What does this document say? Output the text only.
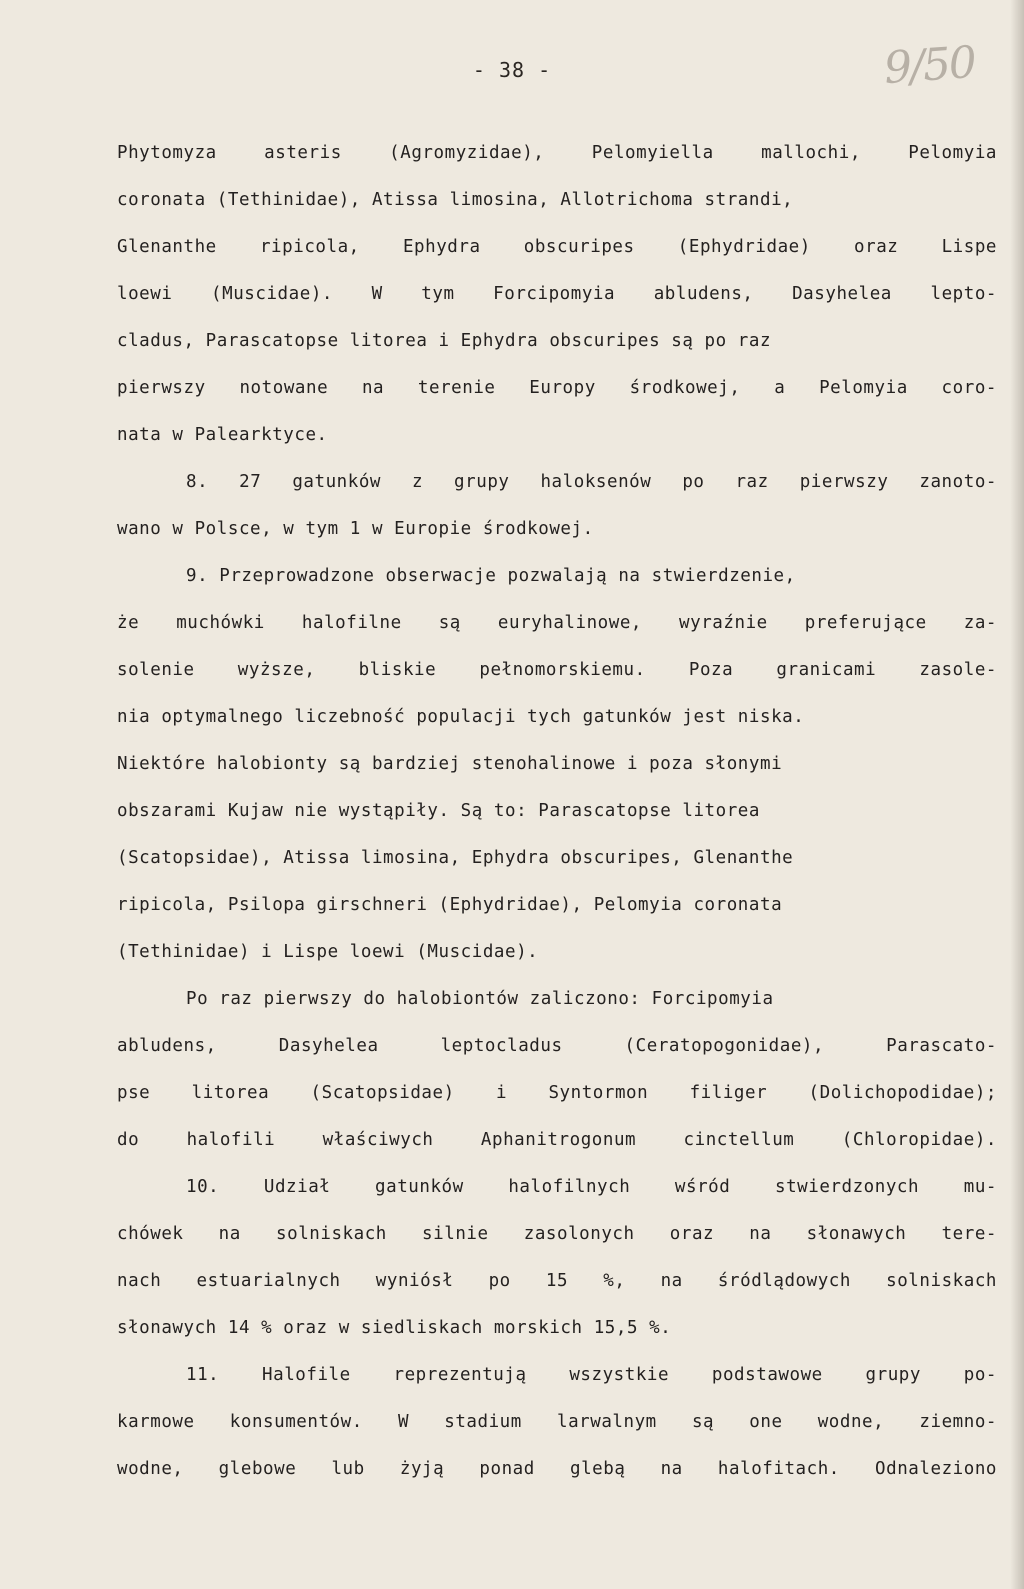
- 38 -	9/50
Phytomyza asteris (Agromyzidae), Pelomyiella mallochi, Pelomyia
coronata (Tethinidae), Atissa limosina, Allotrichoma strandi,
Glenanthe ripicola, Ephydra obscuripes (Ephydridae) oraz Lispe
loewi (Muscidae). W tym Forcipomyia abludens, Dasyhelea lepto-
cladus, Parascatopse litorea i Ephydra obscuripes są po raz
pierwszy notowane na terenie Europy środkowej, a Pelomyia coro-
nata w Palearktyce.
8. 27 gatunków z grupy haloksenów po raz pierwszy zanoto-
wano w Polsce, w tym 1 w Europie środkowej.
9. Przeprowadzone obserwacje pozwalają na stwierdzenie,
że muchówki halofilne są euryhalinowe, wyraźnie preferujące za-
solenie wyższe, bliskie pełnomorskiemu. Poza granicami zasole-
nia optymalnego liczebność populacji tych gatunków jest niska.
Niektóre halobionty są bardziej stenohalinowe i poza słonymi
obszarami Kujaw nie wystąpiły. Są to: Parascatopse litorea
(Scatopsidae), Atissa limosina, Ephydra obscuripes, Glenanthe
ripicola, Psilopa girschneri (Ephydridae), Pelomyia coronata
(Tethinidae) i Lispe loewi (Muscidae).
Po raz pierwszy do halobiontów zaliczono: Forcipomyia
abludens, Dasyhelea leptocladus (Ceratopogonidae), Parascato-
pse litorea (Scatopsidae) i Syntormon filiger (Dolichopodidae);
do halofili właściwych Aphanitrogonum cinctellum (Chloropidae).
10. Udział gatunków halofilnych wśród stwierdzonych mu-
chówek na solniskach silnie zasolonych oraz na słonawych tere-
nach estuarialnych wyniósł po 15 %, na śródlądowych solniskach
słonawych 14 % oraz w siedliskach morskich 15,5 %.
11. Halofile reprezentują wszystkie podstawowe grupy po-
karmowe konsumentów. W stadium larwalnym są one wodne, ziemno-
wodne, glebowe lub żyją ponad glebą na halofitach. Odnaleziono
